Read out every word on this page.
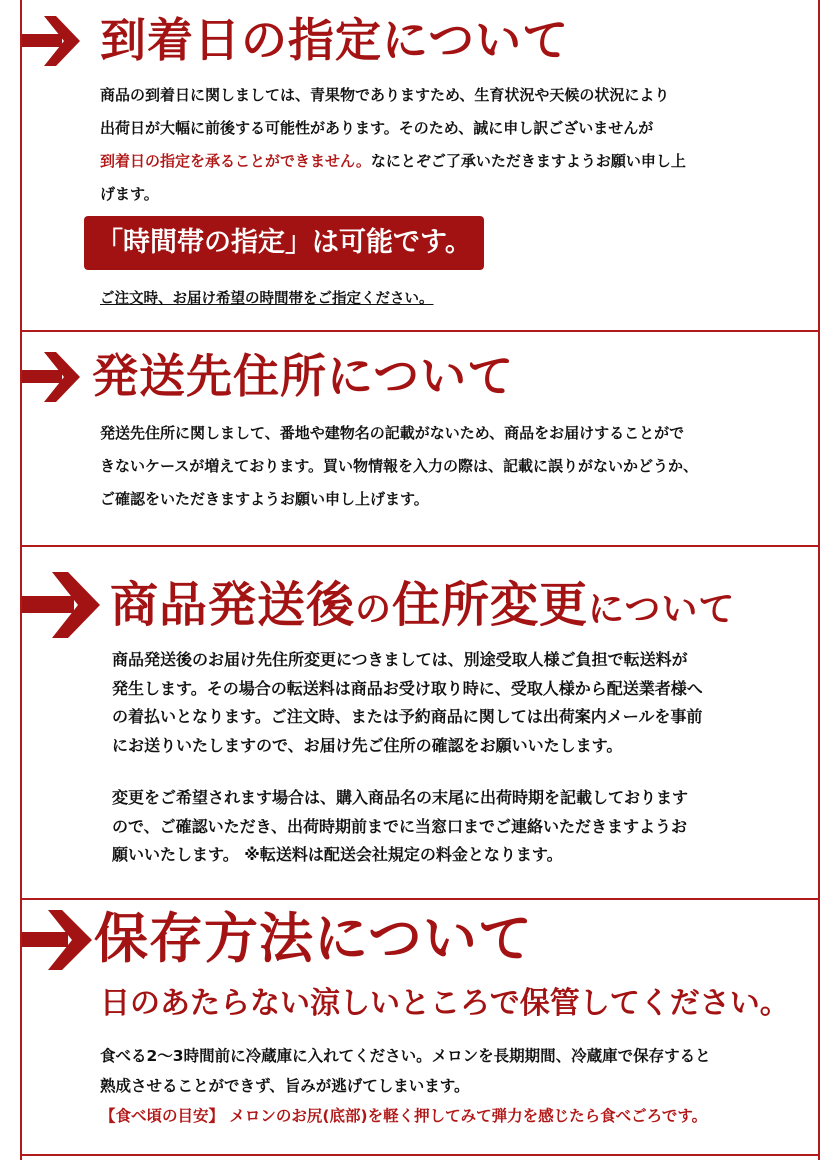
到着日の指定について
商品の到着日に関しましては、青果物でありますため、生育状況や天候の状況により
出荷日が大幅に前後する可能性があります。そのため、誠に申し訳ございませんが
到着日の指定を承ることができません。なにとぞご了承いただきますようお願い申し上
げます。
「時間帯の指定」は可能です。
ご注文時、お届け希望の時間帯をご指定ください。
発送先住所について
発送先住所に関しまして、番地や建物名の記載がないため、商品をお届けすることがで
きないケースが増えております。買い物情報を入力の際は、記載に誤りがないかどうか、
ご確認をいただきますようお願い申し上げます。
商品発送後の住所変更について
商品発送後のお届け先住所変更につきましては、別途受取人様ご負担で転送料が
発生します。その場合の転送料は商品お受け取り時に、受取人様から配送業者様へ
の着払いとなります。ご注文時、または予約商品に関しては出荷案内メールを事前
にお送りいたしますので、お届け先ご住所の確認をお願いいたします。
変更をご希望されます場合は、購入商品名の末尾に出荷時期を記載しております
ので、ご確認いただき、出荷時期前までに当窓口までご連絡いただきますようお
願いいたします。 ※転送料は配送会社規定の料金となります。
保存方法について
日のあたらない涼しいところで保管してください。
食べる2～3時間前に冷蔵庫に入れてください。メロンを長期期間、冷蔵庫で保存すると
熟成させることができず、旨みが逃げてしまいます。
【食べ頃の目安】 メロンのお尻(底部)を軽く押してみて弾力を感じたら食べごろです。
